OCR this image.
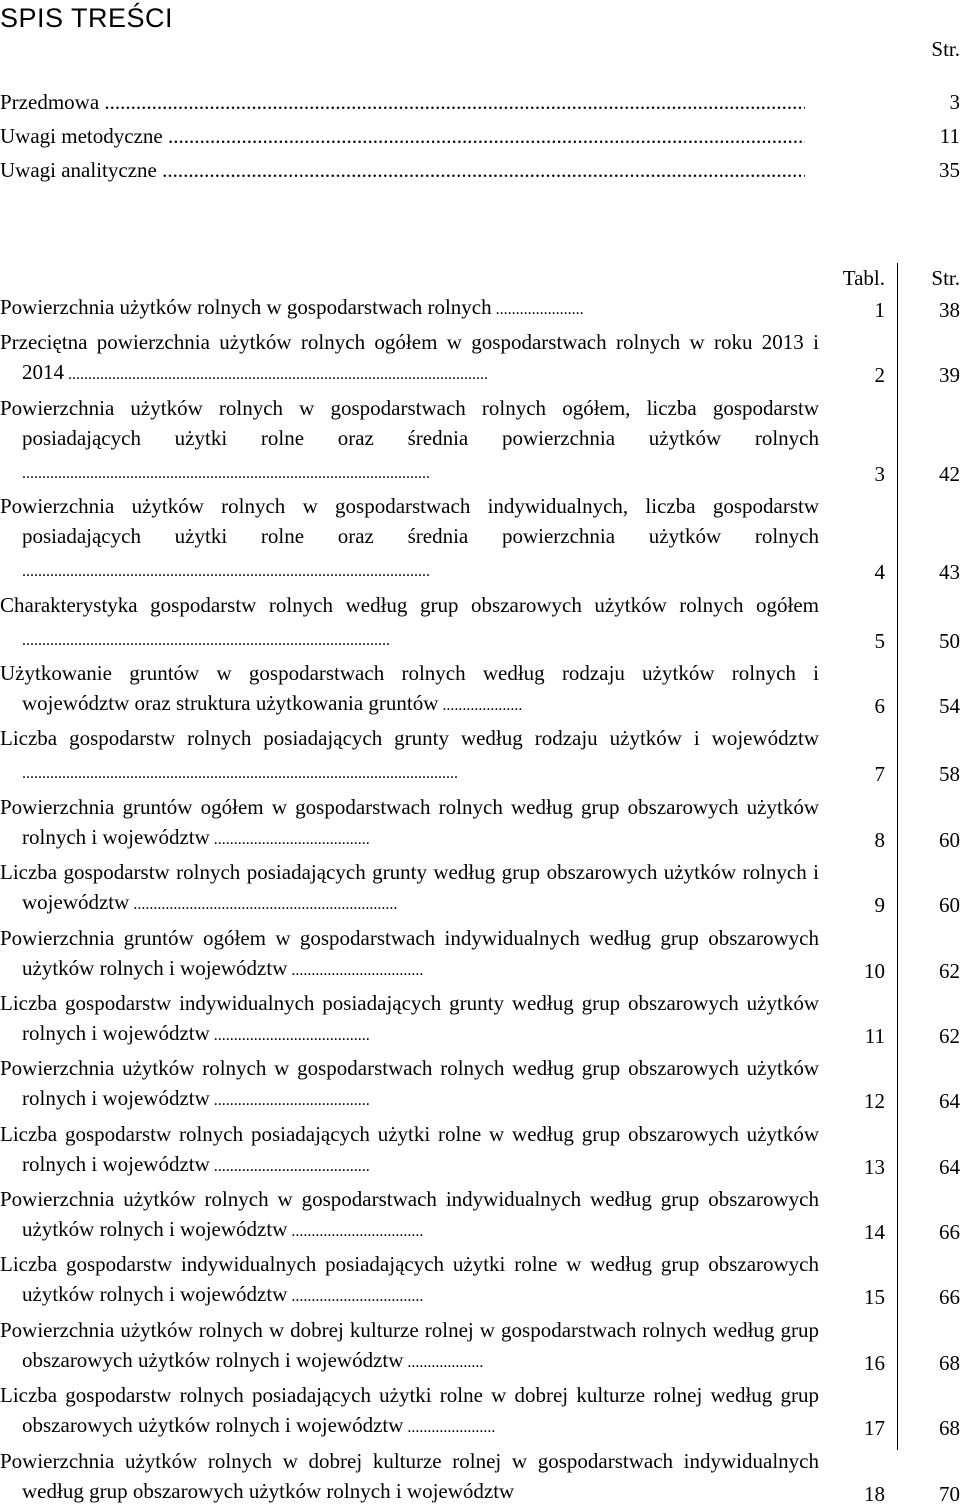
SPIS TREŚCI
Str.
Przedmowa .....	3
Uwagi metodyczne .....	11
Uwagi analityczne .....	35
Tabl. Str.
Powierzchnia użytków rolnych w gospodarstwach rolnych ......................	1	38
Przeciętna powierzchnia użytków rolnych ogółem w gospodarstwach rolnych w roku 2013 i 2014 .........................................................................................................	2	39
Powierzchnia użytków rolnych w gospodarstwach rolnych ogółem, liczba gospodarstw posiadających użytki rolne oraz średnia powierzchnia użytków rolnych ......................................................................................................	3	42
Powierzchnia użytków rolnych w gospodarstwach indywidualnych, liczba gospodarstw posiadających użytki rolne oraz średnia powierzchnia użytków rolnych ......................................................................................................	4	43
Charakterystyka gospodarstw rolnych według grup obszarowych użytków rolnych ogółem ............................................................................................	5	50
Użytkowanie gruntów w gospodarstwach rolnych według rodzaju użytków rolnych i województw oraz struktura użytkowania gruntów ....................	6	54
Liczba gospodarstw rolnych posiadających grunty według rodzaju użytków i województw .............................................................................................................	7	58
Powierzchnia gruntów ogółem w gospodarstwach rolnych według grup obszarowych użytków rolnych i województw .......................................	8	60
Liczba gospodarstw rolnych posiadających grunty według grup obszarowych użytków rolnych i województw ..................................................................	9	60
Powierzchnia gruntów ogółem w gospodarstwach indywidualnych według grup obszarowych użytków rolnych i województw .................................	10	62
Liczba gospodarstw indywidualnych posiadających grunty według grup obszarowych użytków rolnych i województw .......................................	11	62
Powierzchnia użytków rolnych w gospodarstwach rolnych według grup obszarowych użytków rolnych i województw .......................................	12	64
Liczba gospodarstw rolnych posiadających użytki rolne w według grup obszarowych użytków rolnych i województw .......................................	13	64
Powierzchnia użytków rolnych w gospodarstwach indywidualnych według grup obszarowych użytków rolnych i województw .................................	14	66
Liczba gospodarstw indywidualnych posiadających użytki rolne w według grup obszarowych użytków rolnych i województw .................................	15	66
Powierzchnia użytków rolnych w dobrej kulturze rolnej w gospodarstwach rolnych według grup obszarowych użytków rolnych i województw ...................	16	68
Liczba gospodarstw rolnych posiadających użytki rolne w dobrej kulturze rolnej według grup obszarowych użytków rolnych i województw ......................	17	68
Powierzchnia użytków rolnych w dobrej kulturze rolnej w gospodarstwach indywidualnych według grup obszarowych użytków rolnych i województw	18	70
